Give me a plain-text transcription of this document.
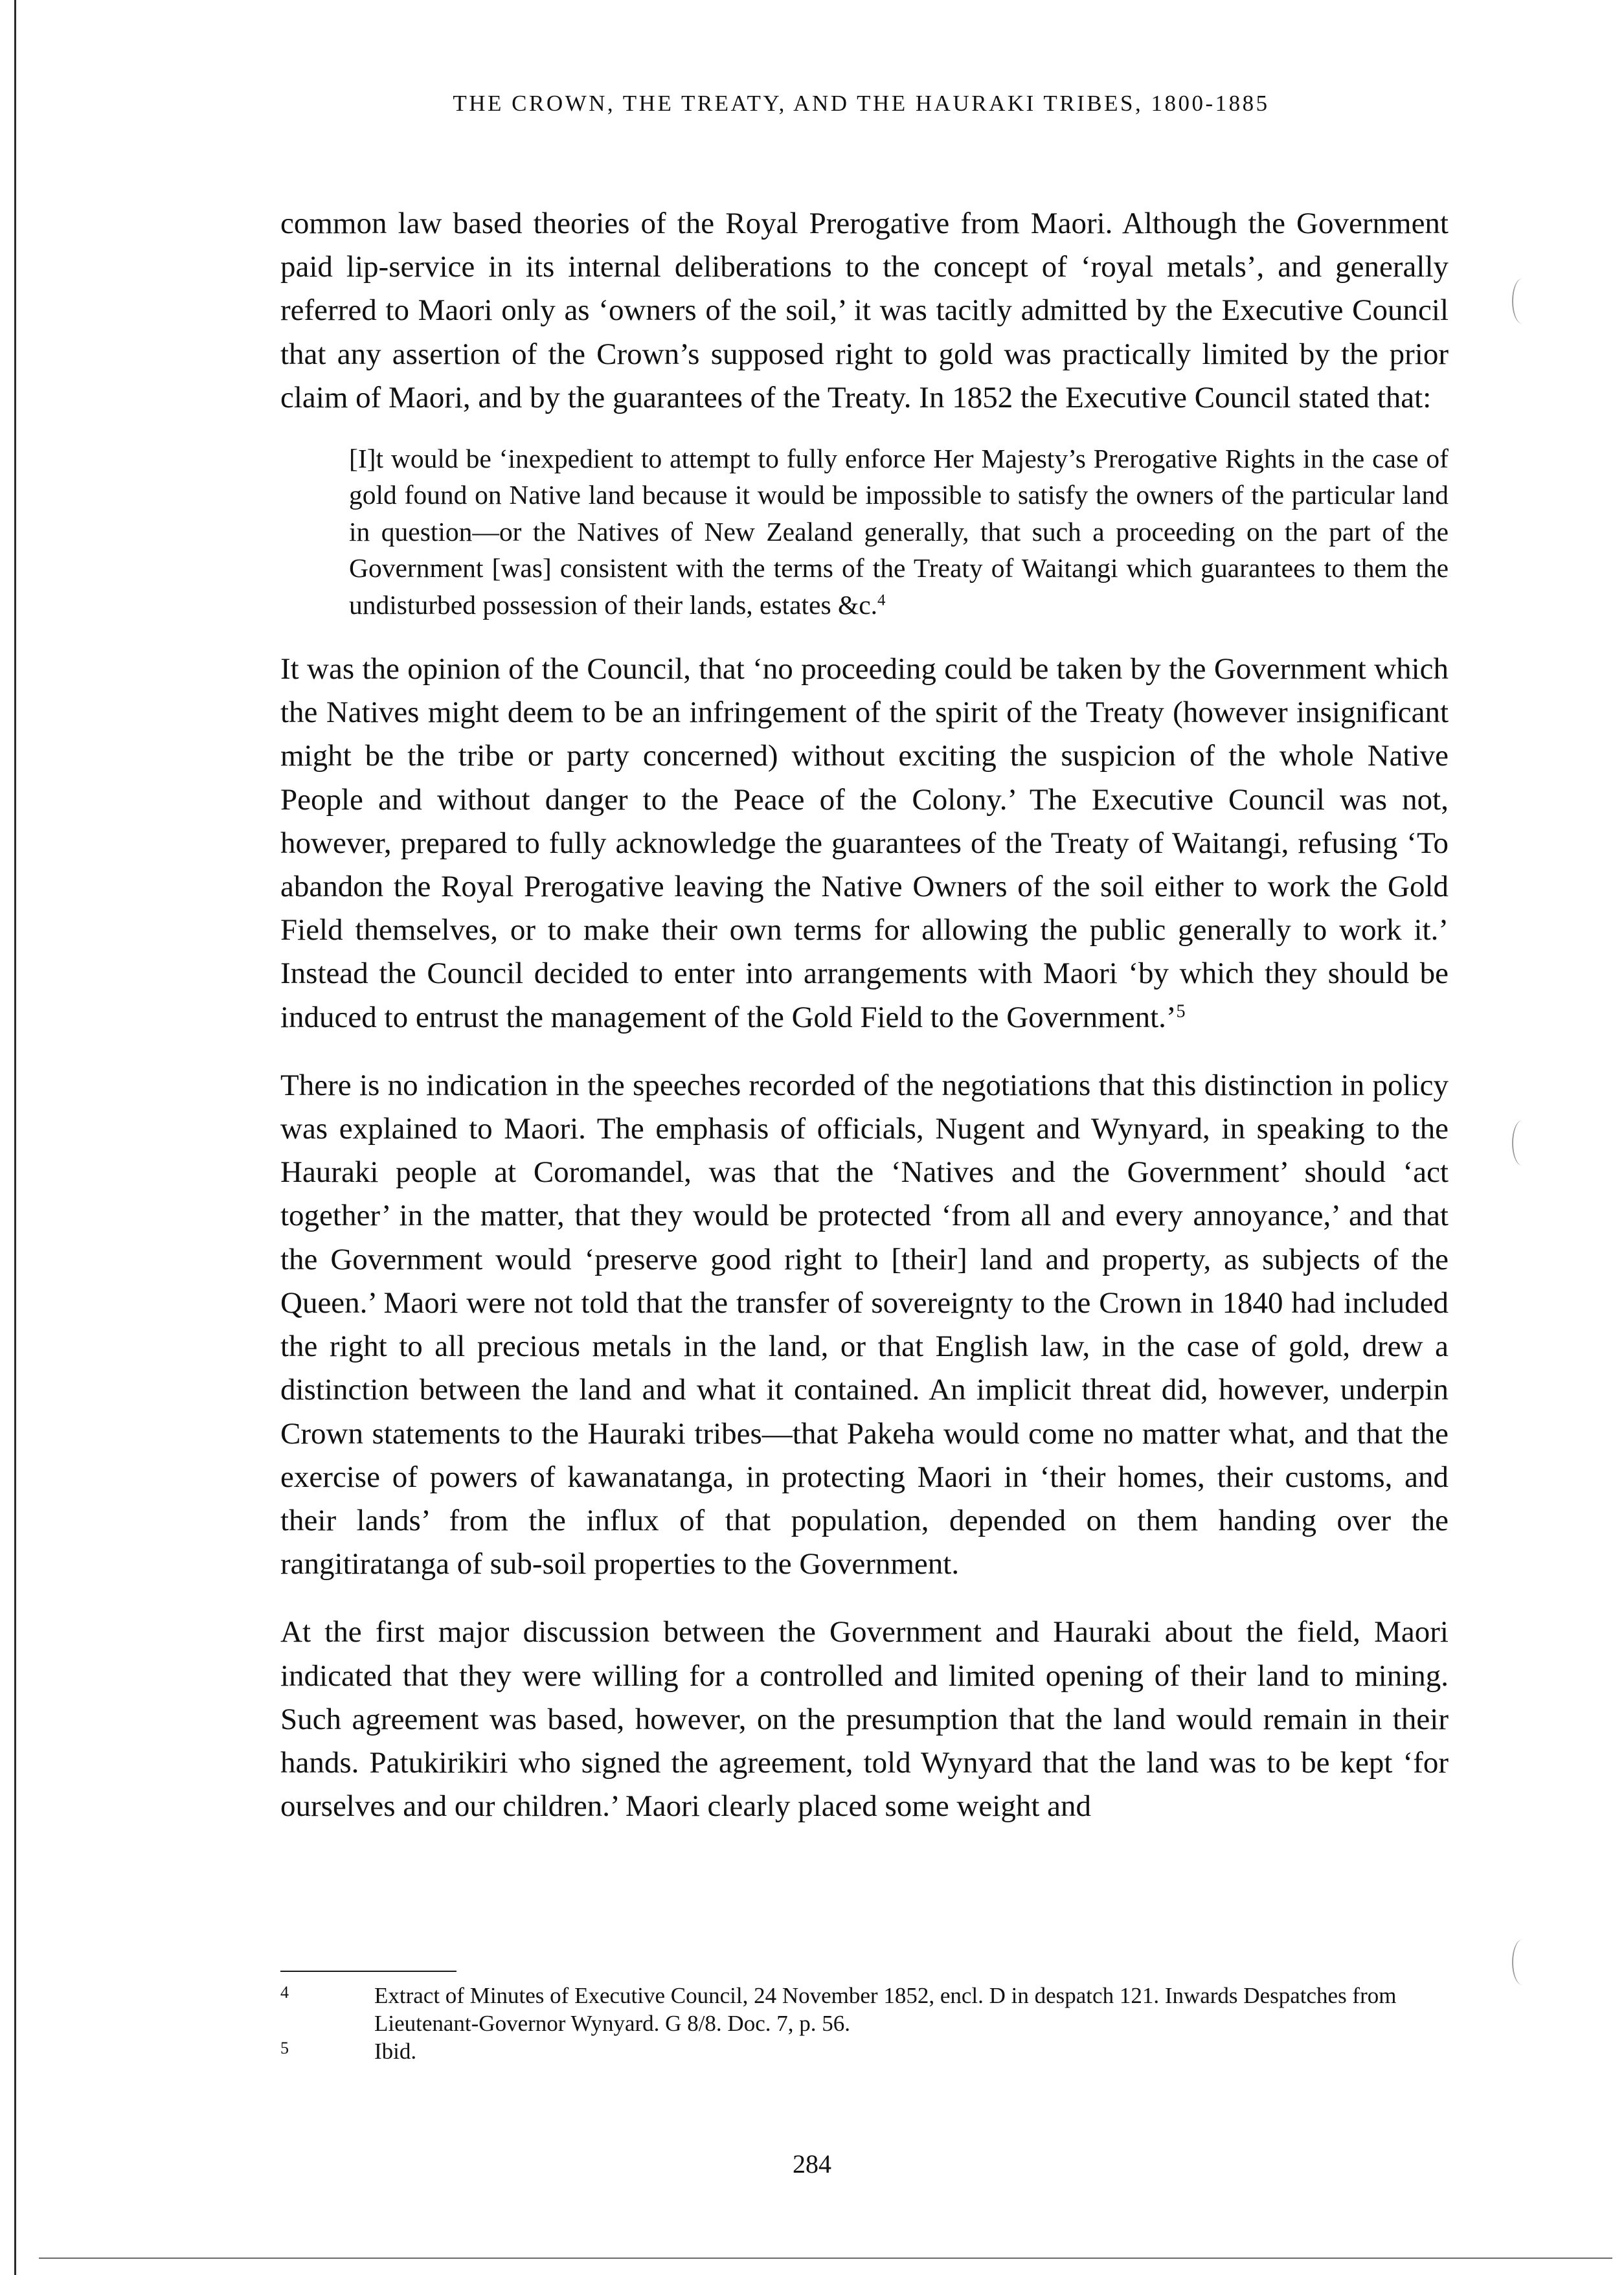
THE CROWN, THE TREATY, AND THE HAURAKI TRIBES, 1800-1885

common law based theories of the Royal Prerogative from Maori. Although the Government paid lip-service in its internal deliberations to the concept of ‘royal metals’, and generally referred to Maori only as ‘owners of the soil,’ it was tacitly admitted by the Executive Council that any assertion of the Crown’s supposed right to gold was practically limited by the prior claim of Maori, and by the guarantees of the Treaty. In 1852 the Executive Council stated that:

[I]t would be ‘inexpedient to attempt to fully enforce Her Majesty’s Prerogative Rights in the case of gold found on Native land because it would be impossible to satisfy the owners of the particular land in question—or the Natives of New Zealand generally, that such a proceeding on the part of the Government [was] consistent with the terms of the Treaty of Waitangi which guarantees to them the undisturbed possession of their lands, estates &c.$^4$

It was the opinion of the Council, that ‘no proceeding could be taken by the Government which the Natives might deem to be an infringement of the spirit of the Treaty (however insignificant might be the tribe or party concerned) without exciting the suspicion of the whole Native People and without danger to the Peace of the Colony.’ The Executive Council was not, however, prepared to fully acknowledge the guarantees of the Treaty of Waitangi, refusing ‘To abandon the Royal Prerogative leaving the Native Owners of the soil either to work the Gold Field themselves, or to make their own terms for allowing the public generally to work it.’ Instead the Council decided to enter into arrangements with Maori ‘by which they should be induced to entrust the management of the Gold Field to the Government.’$^5$

There is no indication in the speeches recorded of the negotiations that this distinction in policy was explained to Maori. The emphasis of officials, Nugent and Wynyard, in speaking to the Hauraki people at Coromandel, was that the ‘Natives and the Government’ should ‘act together’ in the matter, that they would be protected ‘from all and every annoyance,’ and that the Government would ‘preserve good right to [their] land and property, as subjects of the Queen.’ Maori were not told that the transfer of sovereignty to the Crown in 1840 had included the right to all precious metals in the land, or that English law, in the case of gold, drew a distinction between the land and what it contained. An implicit threat did, however, underpin Crown statements to the Hauraki tribes—that Pakeha would come no matter what, and that the exercise of powers of kawanatanga, in protecting Maori in ‘their homes, their customs, and their lands’ from the influx of that population, depended on them handing over the rangitiratanga of sub-soil properties to the Government.

At the first major discussion between the Government and Hauraki about the field, Maori indicated that they were willing for a controlled and limited opening of their land to mining. Such agreement was based, however, on the presumption that the land would remain in their hands. Patukirikiri who signed the agreement, told Wynyard that the land was to be kept ‘for ourselves and our children.’ Maori clearly placed some weight and

4	Extract of Minutes of Executive Council, 24 November 1852, encl. D in despatch 121. Inwards Despatches from Lieutenant-Governor Wynyard. G 8/8. Doc. 7, p. 56.
5	Ibid.
284
